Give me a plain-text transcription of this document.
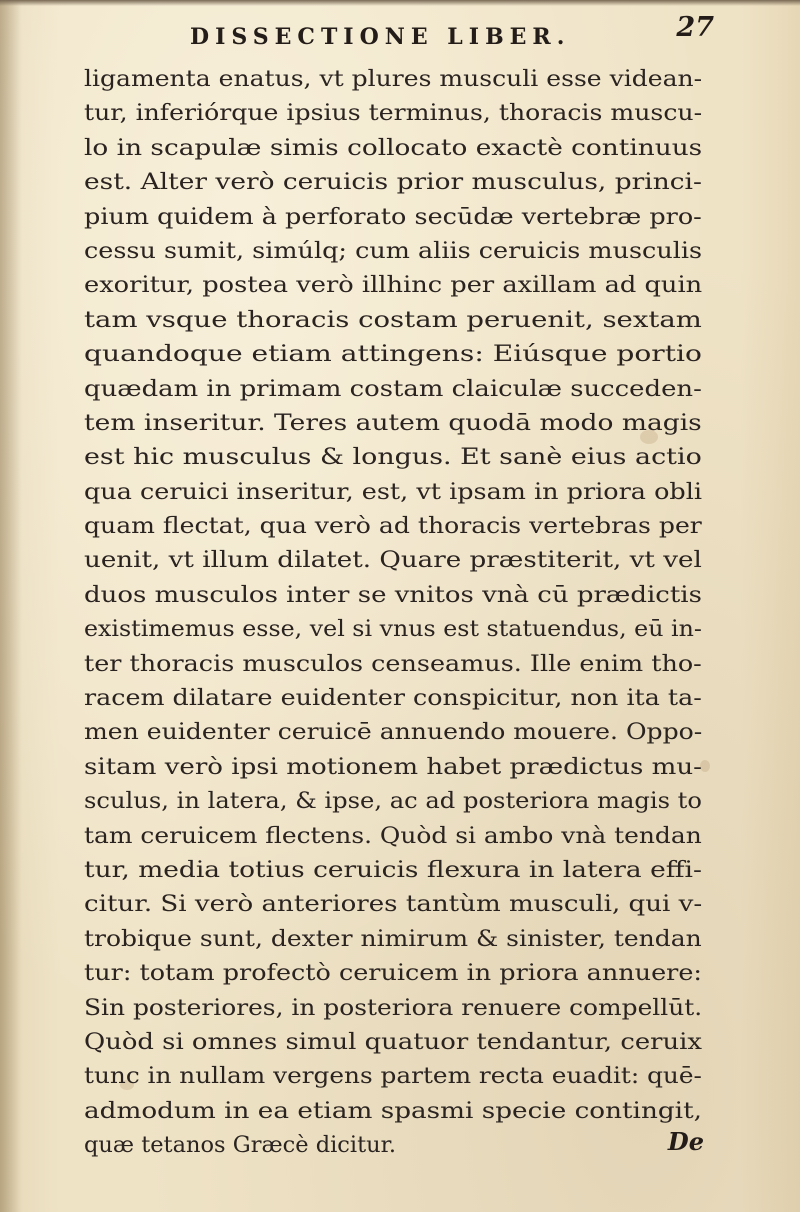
DISSECTIONE LIBER.	27
ligamenta enatus, vt plures musculi esse videan-
tur, inferiórque ipsius terminus, thoracis muscu-
lo in scapulæ simis collocato exactè continuus
est. Alter verò ceruicis prior musculus, princi-
pium quidem à perforato secūdæ vertebræ pro-
cessu sumit, simúlq; cum aliis ceruicis musculis
exoritur, postea verò illhinc per axillam ad quin
tam vsque thoracis costam peruenit, sextam
quandoque etiam attingens: Eiúsque portio
quædam in primam costam claiculæ succeden-
tem inseritur. Teres autem quodā modo magis
est hic musculus & longus. Et sanè eius actio
qua ceruici inseritur, est, vt ipsam in priora obli
quam flectat, qua verò ad thoracis vertebras per
uenit, vt illum dilatet. Quare præstiterit, vt vel
duos musculos inter se vnitos vnà cū prædictis
existimemus esse, vel si vnus est statuendus, eū in-
ter thoracis musculos censeamus. Ille enim tho-
racem dilatare euidenter conspicitur, non ita ta-
men euidenter ceruicē annuendo mouere. Oppo-
sitam verò ipsi motionem habet prædictus mu-
sculus, in latera, & ipse, ac ad posteriora magis to
tam ceruicem flectens. Quòd si ambo vnà tendan
tur, media totius ceruicis flexura in latera effi-
citur. Si verò anteriores tantùm musculi, qui v-
trobique sunt, dexter nimirum & sinister, tendan
tur: totam profectò ceruicem in priora annuere:
Sin posteriores, in posteriora renuere compellūt.
Quòd si omnes simul quatuor tendantur, ceruix
tunc in nullam vergens partem recta euadit: quē-
admodum in ea etiam spasmi specie contingit,
quæ tetanos Græcè dicitur.	De
